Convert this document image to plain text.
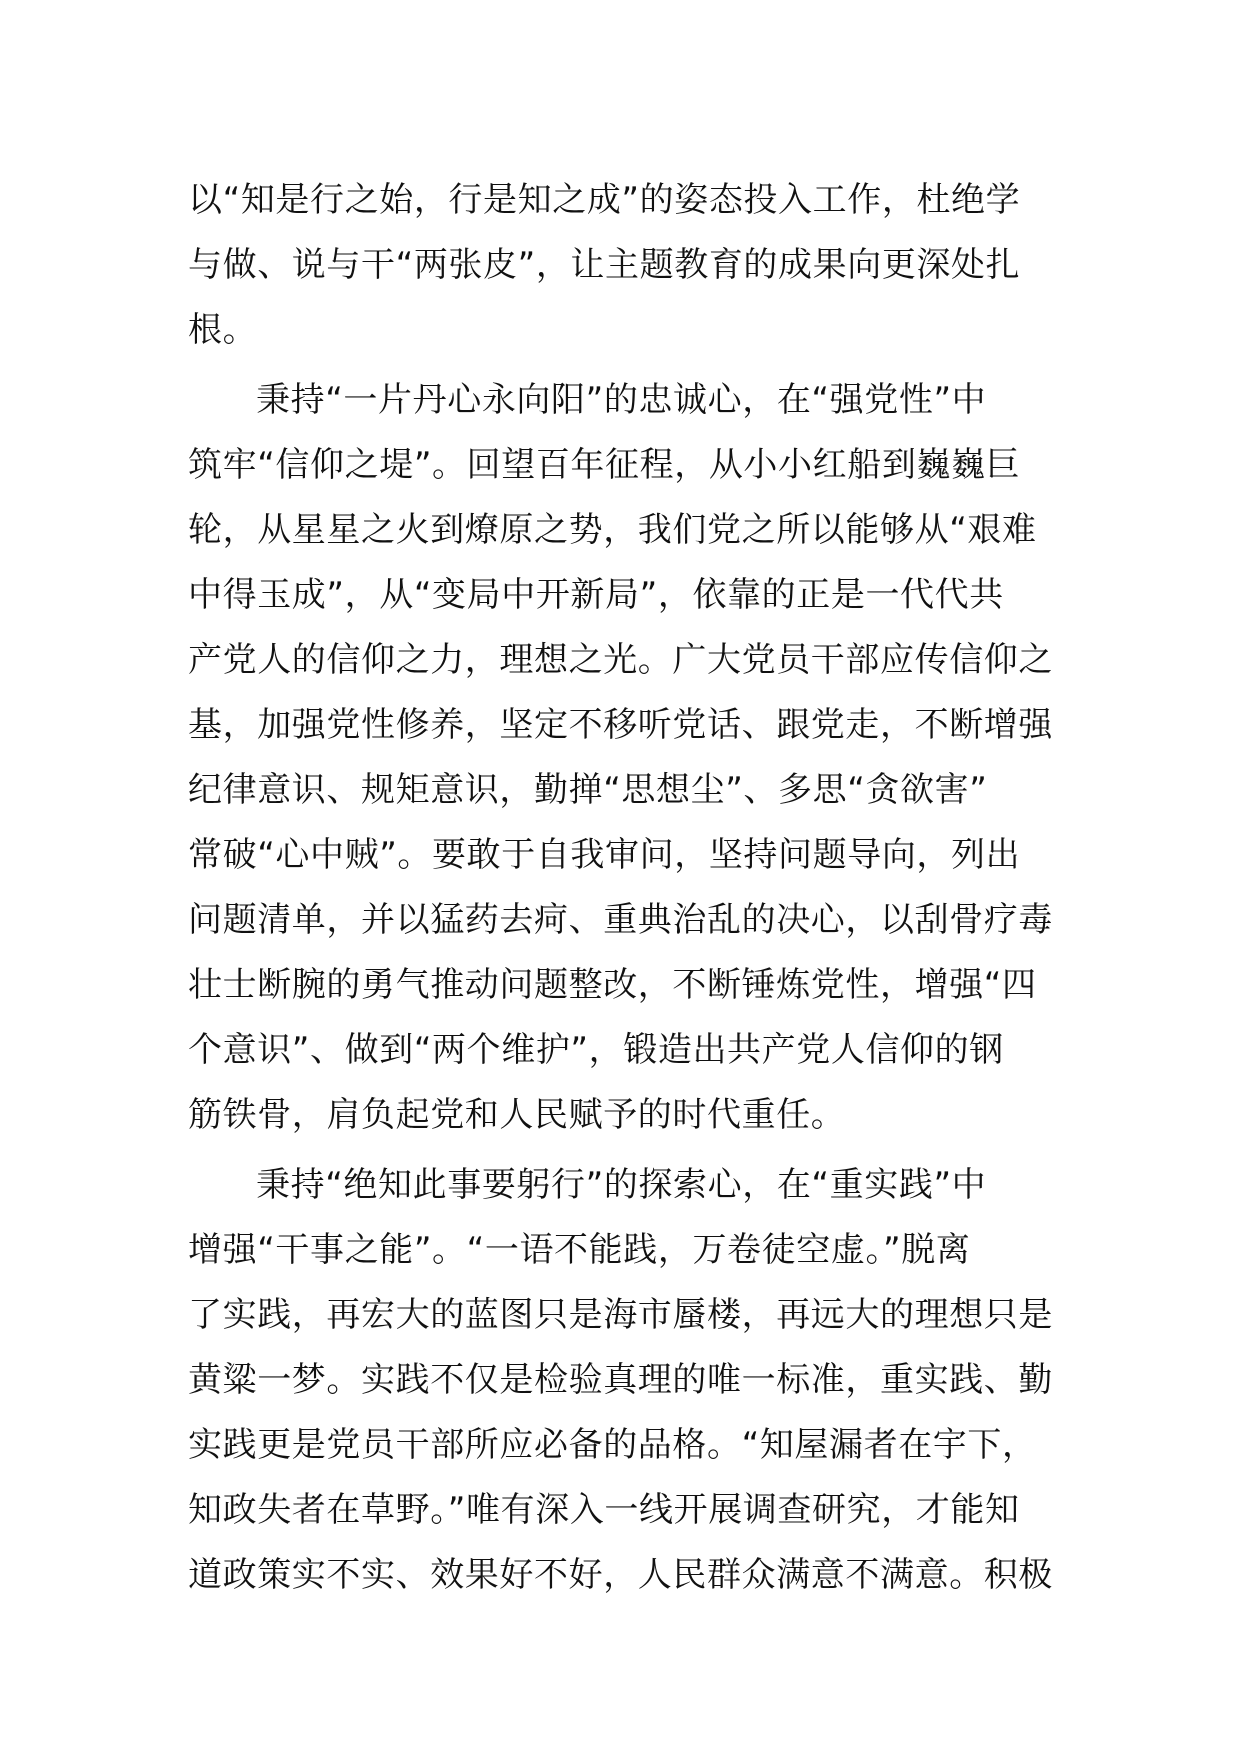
以“知是行之始，行是知之成”的姿态投入工作，杜绝学
与做、说与干“两张皮”，让主题教育的成果向更深处扎
根。
秉持“一片丹心永向阳”的忠诚心，在“强党性”中
筑牢“信仰之堤”。回望百年征程，从小小红船到巍巍巨
轮，从星星之火到燎原之势，我们党之所以能够从“艰难
中得玉成”，从“变局中开新局”，依靠的正是一代代共
产党人的信仰之力，理想之光。广大党员干部应传信仰之
基，加强党性修养，坚定不移听党话、跟党走，不断增强
纪律意识、规矩意识，勤掸“思想尘”、多思“贪欲害”
常破“心中贼”。要敢于自我审问，坚持问题导向，列出
问题清单，并以猛药去疴、重典治乱的决心，以刮骨疗毒
壮士断腕的勇气推动问题整改，不断锤炼党性，增强“四
个意识”、做到“两个维护”，锻造出共产党人信仰的钢
筋铁骨，肩负起党和人民赋予的时代重任。
秉持“绝知此事要躬行”的探索心，在“重实践”中
增强“干事之能”。“一语不能践，万卷徒空虚。”脱离
了实践，再宏大的蓝图只是海市蜃楼，再远大的理想只是
黄粱一梦。实践不仅是检验真理的唯一标准，重实践、勤
实践更是党员干部所应必备的品格。“知屋漏者在宇下，
知政失者在草野。”唯有深入一线开展调查研究，才能知
道政策实不实、效果好不好，人民群众满意不满意。积极
